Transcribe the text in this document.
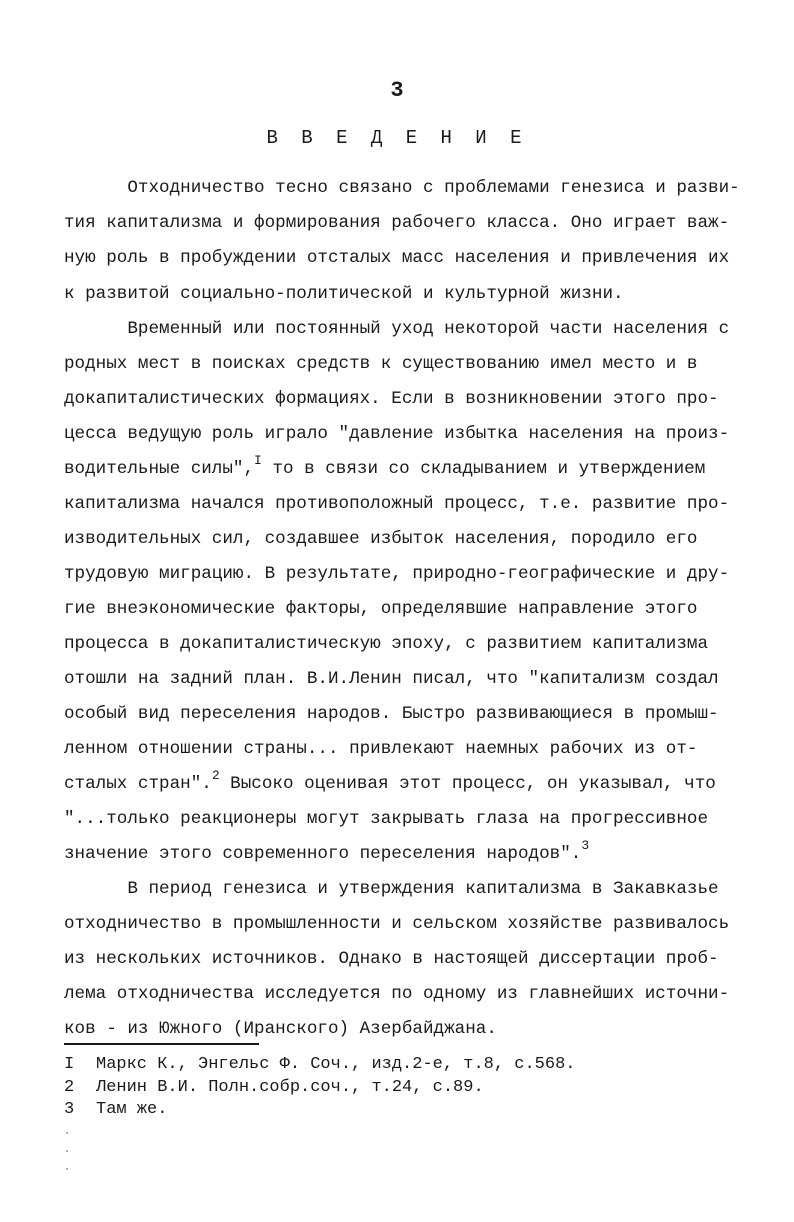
3
В В Е Д Е Н И Е
Отходничество тесно связано с проблемами генезиса и разви-
тия капитализма и формирования рабочего класса. Оно играет важ-
ную роль в пробуждении отсталых масс населения и привлечения их
к развитой социально-политической и культурной жизни.
Временный или постоянный уход некоторой части населения с
родных мест в поисках средств к существованию имел место и в
докапиталистических формациях. Если в возникновении этого про-
цесса ведущую роль играло "давление избытка населения на произ-
водительные силы",$^I$ то в связи со складыванием и утверждением
капитализма начался противоположный процесс, т.е. развитие про-
изводительных сил, создавшее избыток населения, породило его
трудовую миграцию. В результате, природно-географические и дру-
гие внеэкономические факторы, определявшие направление этого
процесса в докапиталистическую эпоху, с развитием капитализма
отошли на задний план. В.И.Ленин писал, что "капитализм создал
особый вид переселения народов. Быстро развивающиеся в промыш-
ленном отношении страны... привлекают наемных рабочих из от-
сталых стран".$^2$ Высоко оценивая этот процесс, он указывал, что
"...только реакционеры могут закрывать глаза на прогрессивное
значение этого современного переселения народов".$^3$
В период генезиса и утверждения капитализма в Закавказье
отходничество в промышленности и сельском хозяйстве развивалось
из нескольких источников. Однако в настоящей диссертации проб-
лема отходничества исследуется по одному из главнейших источни-
ков - из Южного (Иранского) Азербайджана.
I Маркс К., Энгельс Ф. Соч., изд.2-е, т.8, с.568.
2 Ленин В.И. Полн.собр.соч., т.24, с.89.
3 Там же.
